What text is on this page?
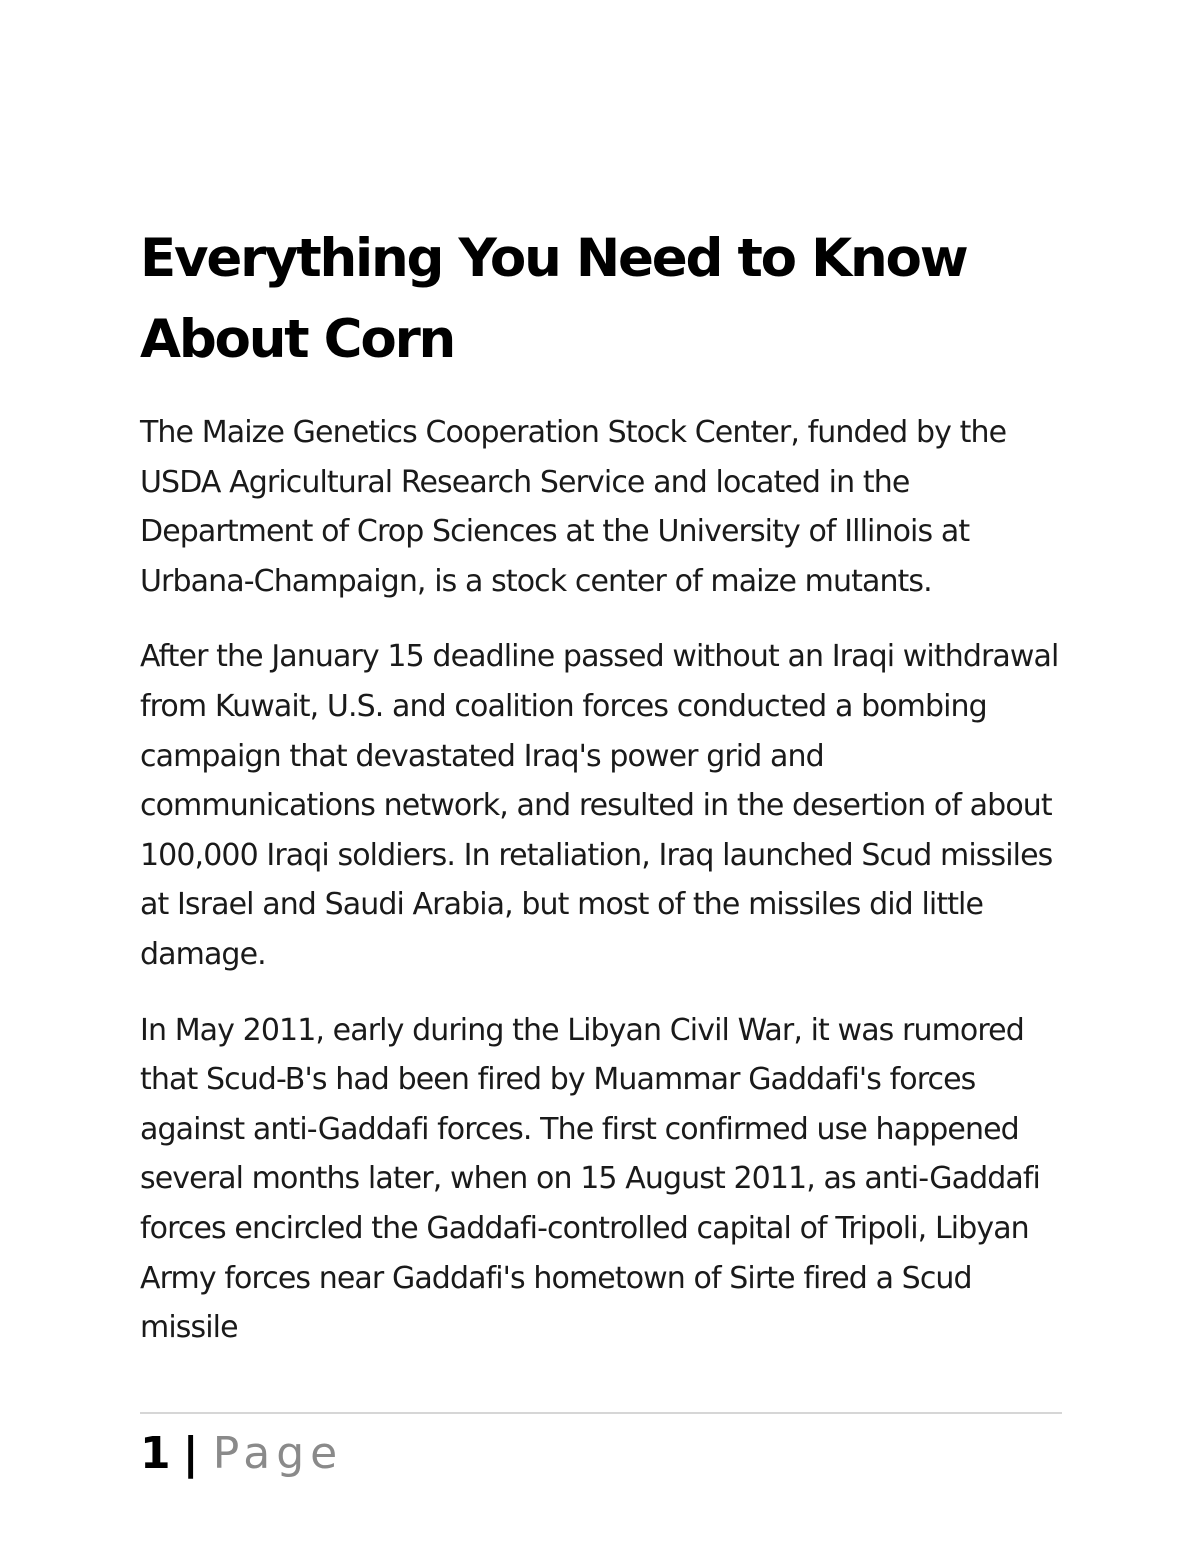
Everything You Need to Know About Corn

The Maize Genetics Cooperation Stock Center, funded by the USDA Agricultural Research Service and located in the Department of Crop Sciences at the University of Illinois at Urbana-Champaign, is a stock center of maize mutants.

After the January 15 deadline passed without an Iraqi withdrawal from Kuwait, U.S. and coalition forces conducted a bombing campaign that devastated Iraq's power grid and communications network, and resulted in the desertion of about 100,000 Iraqi soldiers. In retaliation, Iraq launched Scud missiles at Israel and Saudi Arabia, but most of the missiles did little damage.

In May 2011, early during the Libyan Civil War, it was rumored that Scud-B's had been fired by Muammar Gaddafi's forces against anti-Gaddafi forces. The first confirmed use happened several months later, when on 15 August 2011, as anti-Gaddafi forces encircled the Gaddafi-controlled capital of Tripoli, Libyan Army forces near Gaddafi's hometown of Sirte fired a Scud missile

1 | Page
